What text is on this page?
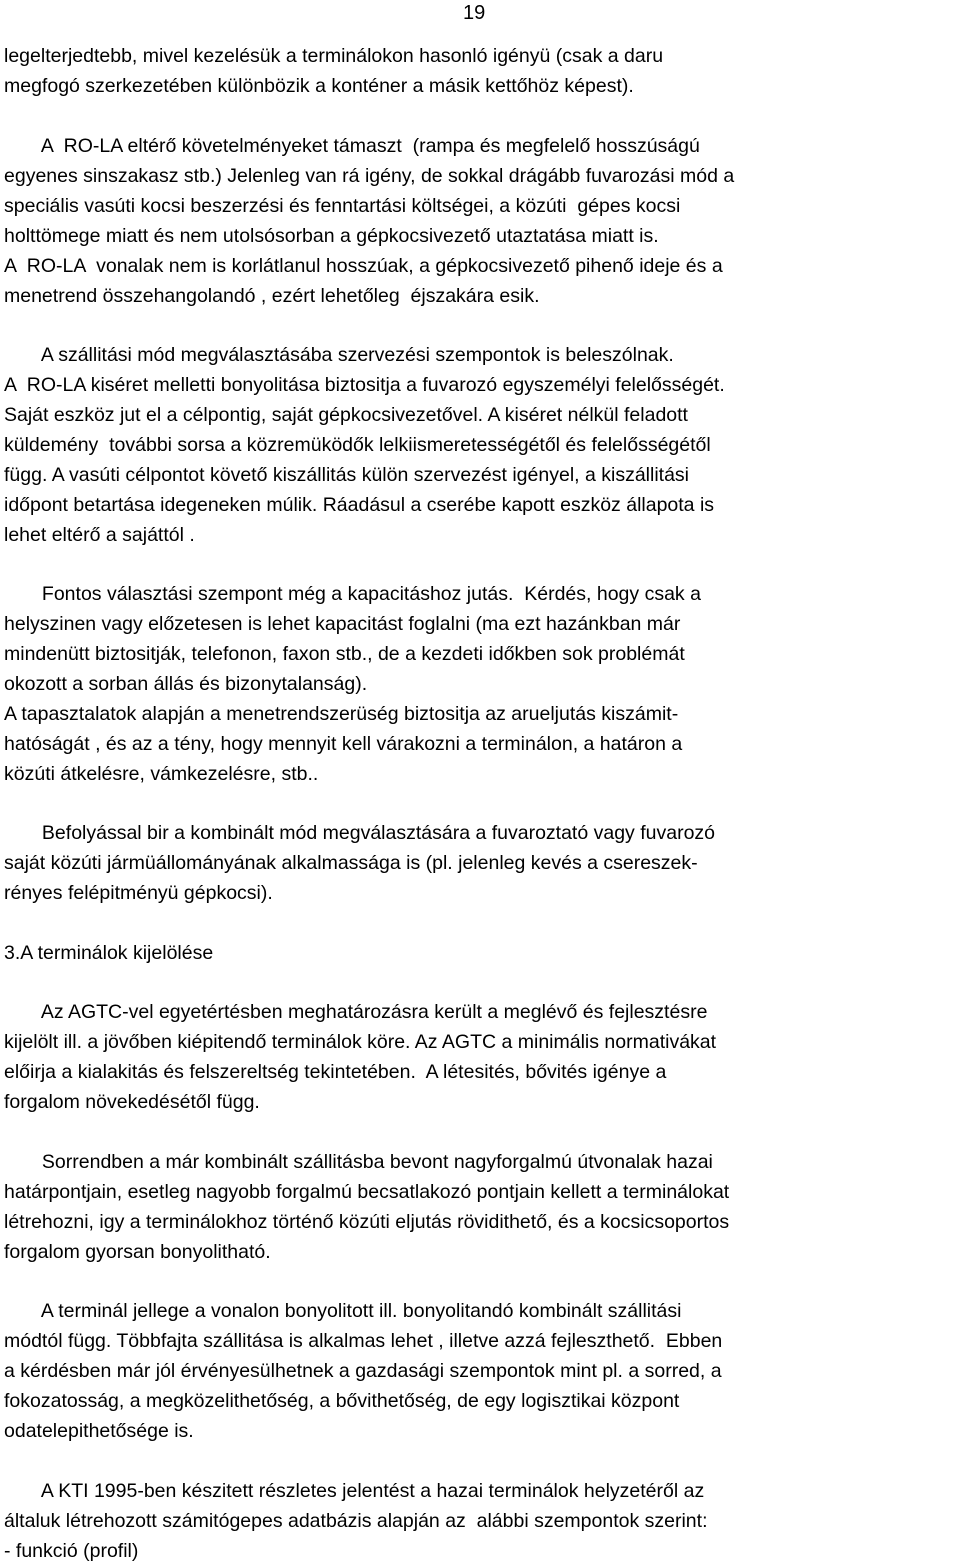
19
legelterjedtebb, mivel kezelésük a terminálokon hasonló igényü (csak a daru
megfogó szerkezetében különbözik a konténer a másik kettőhöz képest).
A  RO-LA eltérő követelményeket támaszt  (rampa és megfelelő hosszúságú
egyenes sinszakasz stb.) Jelenleg van rá igény, de sokkal drágább fuvarozási mód a
speciális vasúti kocsi beszerzési és fenntartási költségei, a közúti  gépes kocsi
holttömege miatt és nem utolsósorban a gépkocsivezető utaztatása miatt is.
A  RO-LA  vonalak nem is korlátlanul hosszúak, a gépkocsivezető pihenő ideje és a
menetrend összehangolandó , ezért lehetőleg  éjszakára esik.
A szállitási mód megválasztásába szervezési szempontok is beleszólnak.
A  RO-LA kiséret melletti bonyolitása biztositja a fuvarozó egyszemélyi felelősségét.
Saját eszköz jut el a célpontig, saját gépkocsivezetővel. A kiséret nélkül feladott
küldemény  további sorsa a közremüködők lelkiismeretességétől és felelősségétől
függ. A vasúti célpontot követő kiszállitás külön szervezést igényel, a kiszállitási
időpont betartása idegeneken múlik. Ráadásul a cserébe kapott eszköz állapota is
lehet eltérő a sajáttól .
Fontos választási szempont még a kapacitáshoz jutás.  Kérdés, hogy csak a
helyszinen vagy előzetesen is lehet kapacitást foglalni (ma ezt hazánkban már
mindenütt biztositják, telefonon, faxon stb., de a kezdeti időkben sok problémát
okozott a sorban állás és bizonytalanság).
A tapasztalatok alapján a menetrendszerüség biztositja az arueljutás kiszámit-
hatóságát , és az a tény, hogy mennyit kell várakozni a terminálon, a határon a
közúti átkelésre, vámkezelésre, stb..
Befolyással bir a kombinált mód megválasztására a fuvaroztató vagy fuvarozó
saját közúti jármüállományának alkalmassága is (pl. jelenleg kevés a csereszek-
rényes felépitményü gépkocsi).
3.A terminálok kijelölése
Az AGTC-vel egyetértésben meghatározásra került a meglévő és fejlesztésre
kijelölt ill. a jövőben kiépitendő terminálok köre. Az AGTC a minimális normativákat
előirja a kialakitás és felszereltség tekintetében.  A létesités, bővités igénye a
forgalom növekedésétől függ.
Sorrendben a már kombinált szállitásba bevont nagyforgalmú útvonalak hazai
határpontjain, esetleg nagyobb forgalmú becsatlakozó pontjain kellett a terminálokat
létrehozni, igy a terminálokhoz történő közúti eljutás rövidithető, és a kocsicsoportos
forgalom gyorsan bonyolitható.
A terminál jellege a vonalon bonyolitott ill. bonyolitandó kombinált szállitási
módtól függ. Többfajta szállitása is alkalmas lehet , illetve azzá fejleszthető.  Ebben
a kérdésben már jól érvényesülhetnek a gazdasági szempontok mint pl. a sorred, a
fokozatosság, a megközelithetőség, a bővithetőség, de egy logisztikai központ
odatelepithetősége is.
A KTI 1995-ben készitett részletes jelentést a hazai terminálok helyzetéről az
általuk létrehozott számitógepes adatbázis alapján az  alábbi szempontok szerint:
- funkció (profil)
